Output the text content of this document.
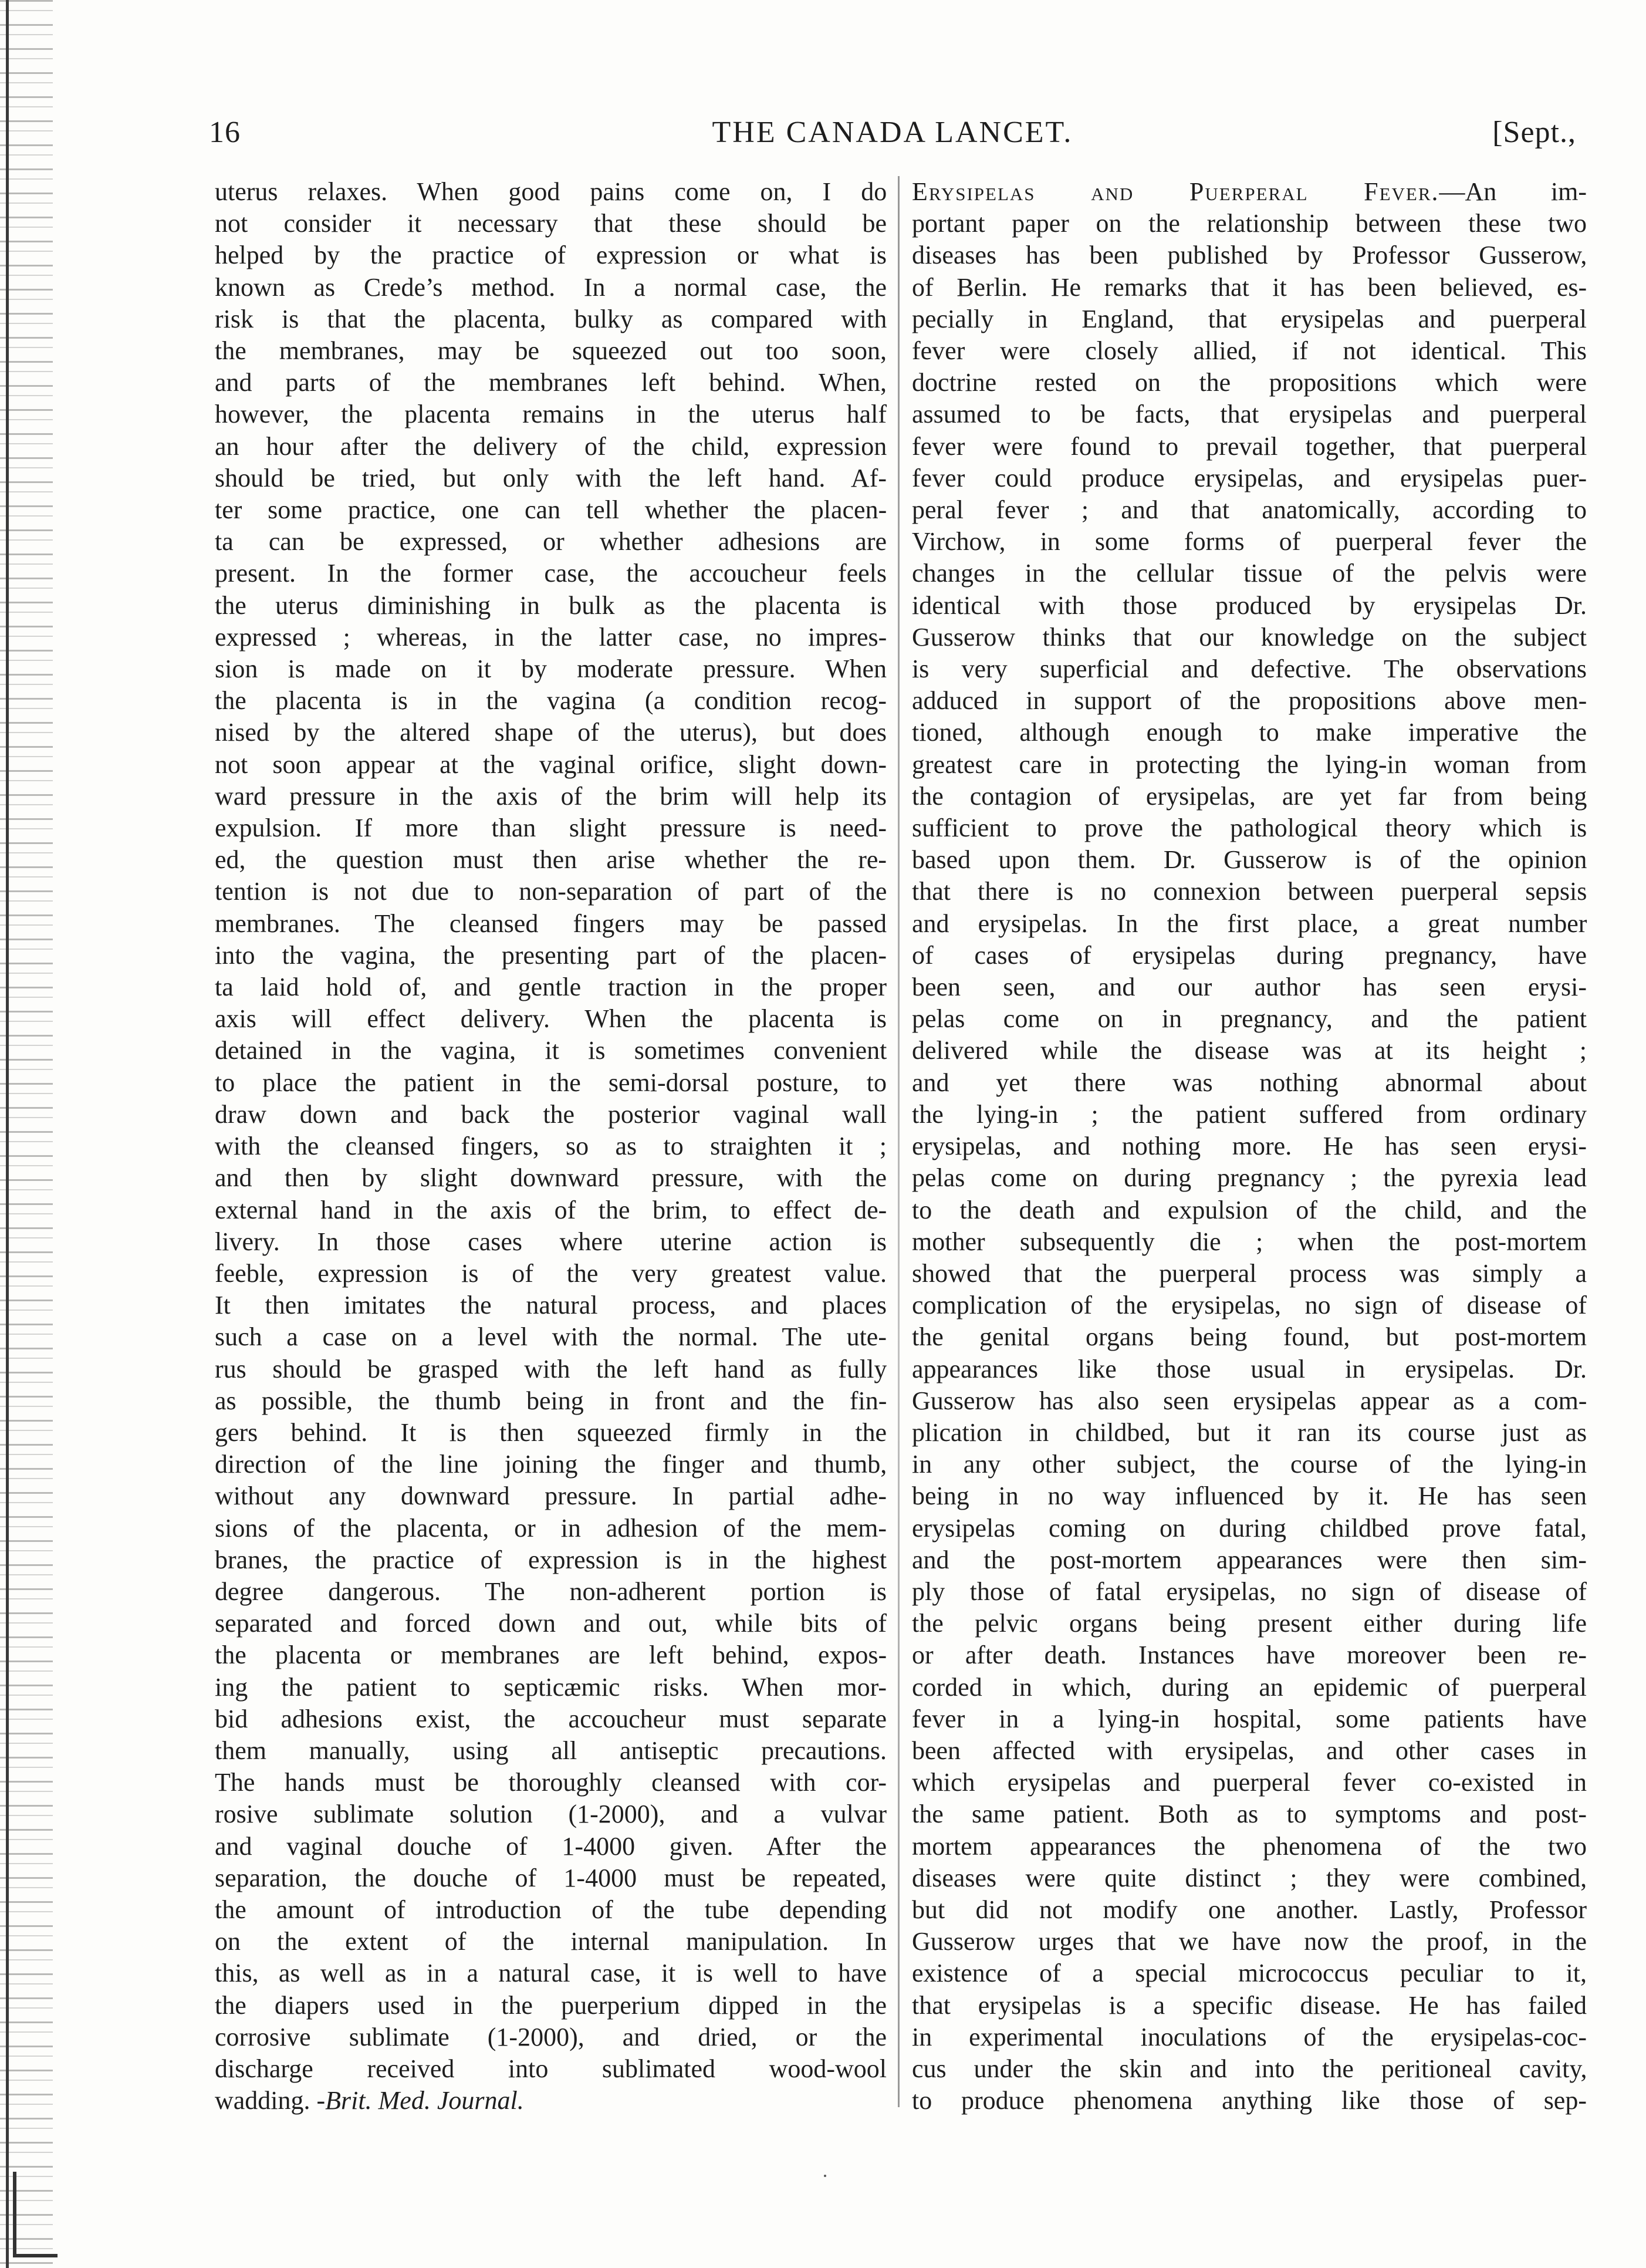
16	THE CANADA LANCET.	[Sept.,
uterus relaxes. When good pains come on, I do
not consider it necessary that these should be
helped by the practice of expression or what is
known as Crede’s method. In a normal case, the
risk is that the placenta, bulky as compared with
the membranes, may be squeezed out too soon,
and parts of the membranes left behind. When,
however, the placenta remains in the uterus half
an hour after the delivery of the child, expression
should be tried, but only with the left hand. Af-
ter some practice, one can tell whether the placen-
ta can be expressed, or whether adhesions are
present. In the former case, the accoucheur feels
the uterus diminishing in bulk as the placenta is
expressed ; whereas, in the latter case, no impres-
sion is made on it by moderate pressure. When
the placenta is in the vagina (a condition recog-
nised by the altered shape of the uterus), but does
not soon appear at the vaginal orifice, slight down-
ward pressure in the axis of the brim will help its
expulsion. If more than slight pressure is need-
ed, the question must then arise whether the re-
tention is not due to non-separation of part of the
membranes. The cleansed fingers may be passed
into the vagina, the presenting part of the placen-
ta laid hold of, and gentle traction in the proper
axis will effect delivery. When the placenta is
detained in the vagina, it is sometimes convenient
to place the patient in the semi-dorsal posture, to
draw down and back the posterior vaginal wall
with the cleansed fingers, so as to straighten it ;
and then by slight downward pressure, with the
external hand in the axis of the brim, to effect de-
livery. In those cases where uterine action is
feeble, expression is of the very greatest value.
It then imitates the natural process, and places
such a case on a level with the normal. The ute-
rus should be grasped with the left hand as fully
as possible, the thumb being in front and the fin-
gers behind. It is then squeezed firmly in the
direction of the line joining the finger and thumb,
without any downward pressure. In partial adhe-
sions of the placenta, or in adhesion of the mem-
branes, the practice of expression is in the highest
degree dangerous. The non-adherent portion is
separated and forced down and out, while bits of
the placenta or membranes are left behind, expos-
ing the patient to septicæmic risks. When mor-
bid adhesions exist, the accoucheur must separate
them manually, using all antiseptic precautions.
The hands must be thoroughly cleansed with cor-
rosive sublimate solution (1-2000), and a vulvar
and vaginal douche of 1-4000 given. After the
separation, the douche of 1-4000 must be repeated,
the amount of introduction of the tube depending
on the extent of the internal manipulation. In
this, as well as in a natural case, it is well to have
the diapers used in the puerperium dipped in the
corrosive sublimate (1-2000), and dried, or the
discharge received into sublimated wood-wool
wadding. -Brit. Med. Journal.
Erysipelas and Puerperal Fever.—An im-
portant paper on the relationship between these two
diseases has been published by Professor Gusserow,
of Berlin. He remarks that it has been believed, es-
pecially in England, that erysipelas and puerperal
fever were closely allied, if not identical. This
doctrine rested on the propositions which were
assumed to be facts, that erysipelas and puerperal
fever were found to prevail together, that puerperal
fever could produce erysipelas, and erysipelas puer-
peral fever ; and that anatomically, according to
Virchow, in some forms of puerperal fever the
changes in the cellular tissue of the pelvis were
identical with those produced by erysipelas Dr.
Gusserow thinks that our knowledge on the subject
is very superficial and defective. The observations
adduced in support of the propositions above men-
tioned, although enough to make imperative the
greatest care in protecting the lying-in woman from
the contagion of erysipelas, are yet far from being
sufficient to prove the pathological theory which is
based upon them. Dr. Gusserow is of the opinion
that there is no connexion between puerperal sepsis
and erysipelas. In the first place, a great number
of cases of erysipelas during pregnancy, have
been seen, and our author has seen erysi-
pelas come on in pregnancy, and the patient
delivered while the disease was at its height ;
and yet there was nothing abnormal about
the lying-in ; the patient suffered from ordinary
erysipelas, and nothing more. He has seen erysi-
pelas come on during pregnancy ; the pyrexia lead
to the death and expulsion of the child, and the
mother subsequently die ; when the post-mortem
showed that the puerperal process was simply a
complication of the erysipelas, no sign of disease of
the genital organs being found, but post-mortem
appearances like those usual in erysipelas. Dr.
Gusserow has also seen erysipelas appear as a com-
plication in childbed, but it ran its course just as
in any other subject, the course of the lying-in
being in no way influenced by it. He has seen
erysipelas coming on during childbed prove fatal,
and the post-mortem appearances were then sim-
ply those of fatal erysipelas, no sign of disease of
the pelvic organs being present either during life
or after death. Instances have moreover been re-
corded in which, during an epidemic of puerperal
fever in a lying-in hospital, some patients have
been affected with erysipelas, and other cases in
which erysipelas and puerperal fever co-existed in
the same patient. Both as to symptoms and post-
mortem appearances the phenomena of the two
diseases were quite distinct ; they were combined,
but did not modify one another. Lastly, Professor
Gusserow urges that we have now the proof, in the
existence of a special micrococcus peculiar to it,
that erysipelas is a specific disease. He has failed
in experimental inoculations of the erysipelas-coc-
cus under the skin and into the peritioneal cavity,
to produce phenomena anything like those of sep-
